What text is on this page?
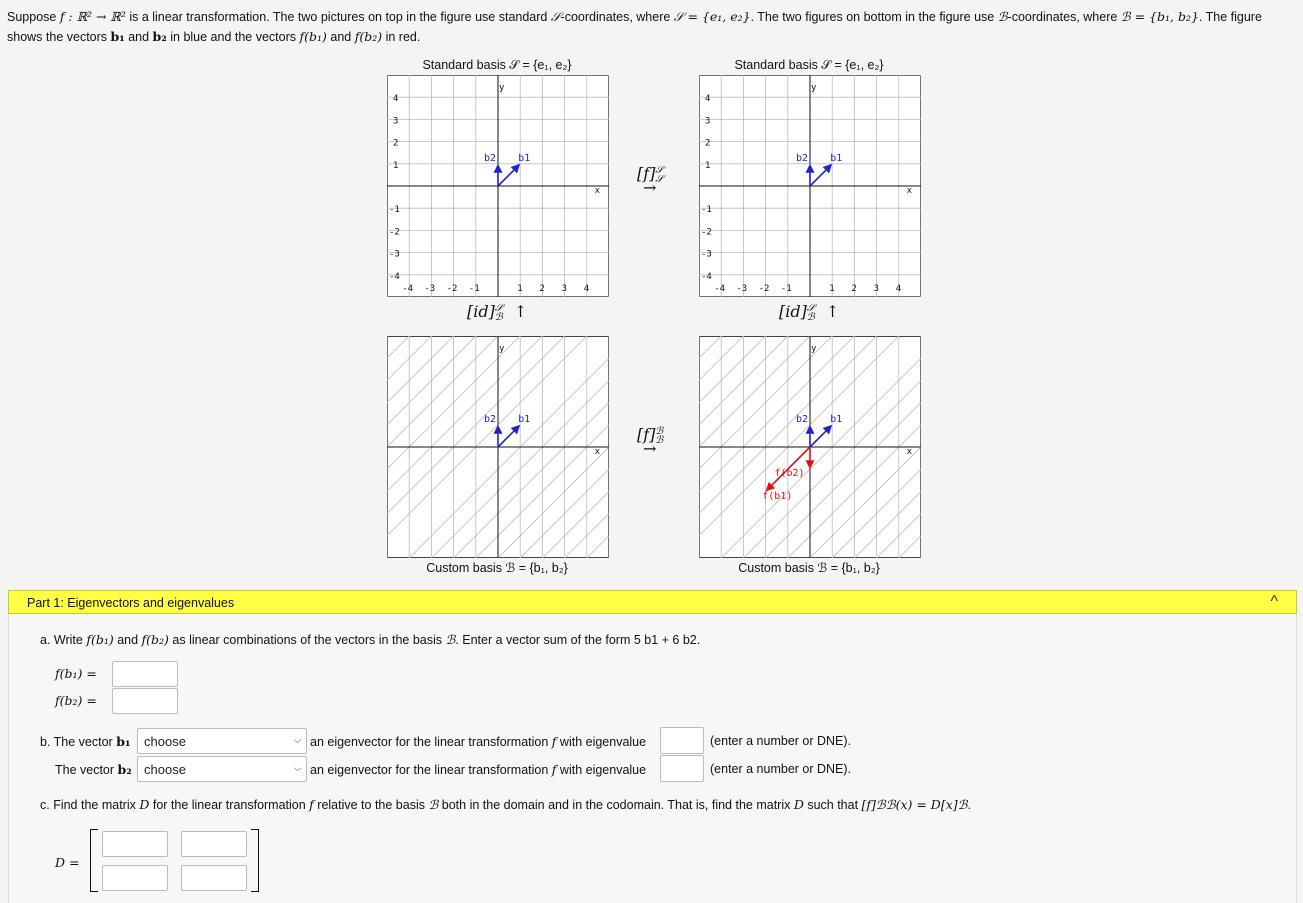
Suppose f : ℝ² → ℝ² is a linear transformation. The two pictures on top in the figure use standard 𝒮-coordinates, where 𝒮 = {e₁, e₂}. The two figures on bottom in the figure use ℬ-coordinates, where ℬ = {b₁, b₂}. The figure shows the vectors b₁ and b₂ in blue and the vectors f(b₁) and f(b₂) in red.
Standard basis 𝒮 = {e₁, e₂}	Standard basis 𝒮 = {e₁, e₂}
Custom basis ℬ = {b₁, b₂}	Custom basis ℬ = {b₁, b₂}
x
y
-4 -3 -2 -1	1 2 3 4
4
3
2
1
-1
-2
-3
-4
b1
b2
x
y
-4 -3 -2 -1	1 2 3 4
4
3
2
1
-1
-2
-3
-4
b1
b2
x
y
b1
b2
x
y
b1
b2
f(b2)
f(b1)
[f] 𝒮
𝒮
→
[f] ℬ
ℬ
→
[id] 𝒮
ℬ ↑	[id] 𝒮
ℬ ↑
Part 1: Eigenvectors and eigenvalues	^
a. Write f(b₁) and f(b₂) as linear combinations of the vectors in the basis ℬ. Enter a vector sum of the form 5 b1 + 6 b2.
f(b₁) =
f(b₂) =
b. The vector b₁	choose	⌵ an eigenvector for the linear transformation f with eigenvalue	(enter a number or DNE).
The vector b₂ choose	⌵ an eigenvector for the linear transformation f with eigenvalue	(enter a number or DNE).
c. Find the matrix D for the linear transformation f relative to the basis ℬ both in the domain and in the codomain. That is, find the matrix D such that [f]ℬℬ(x) = D[x]ℬ.
D =
